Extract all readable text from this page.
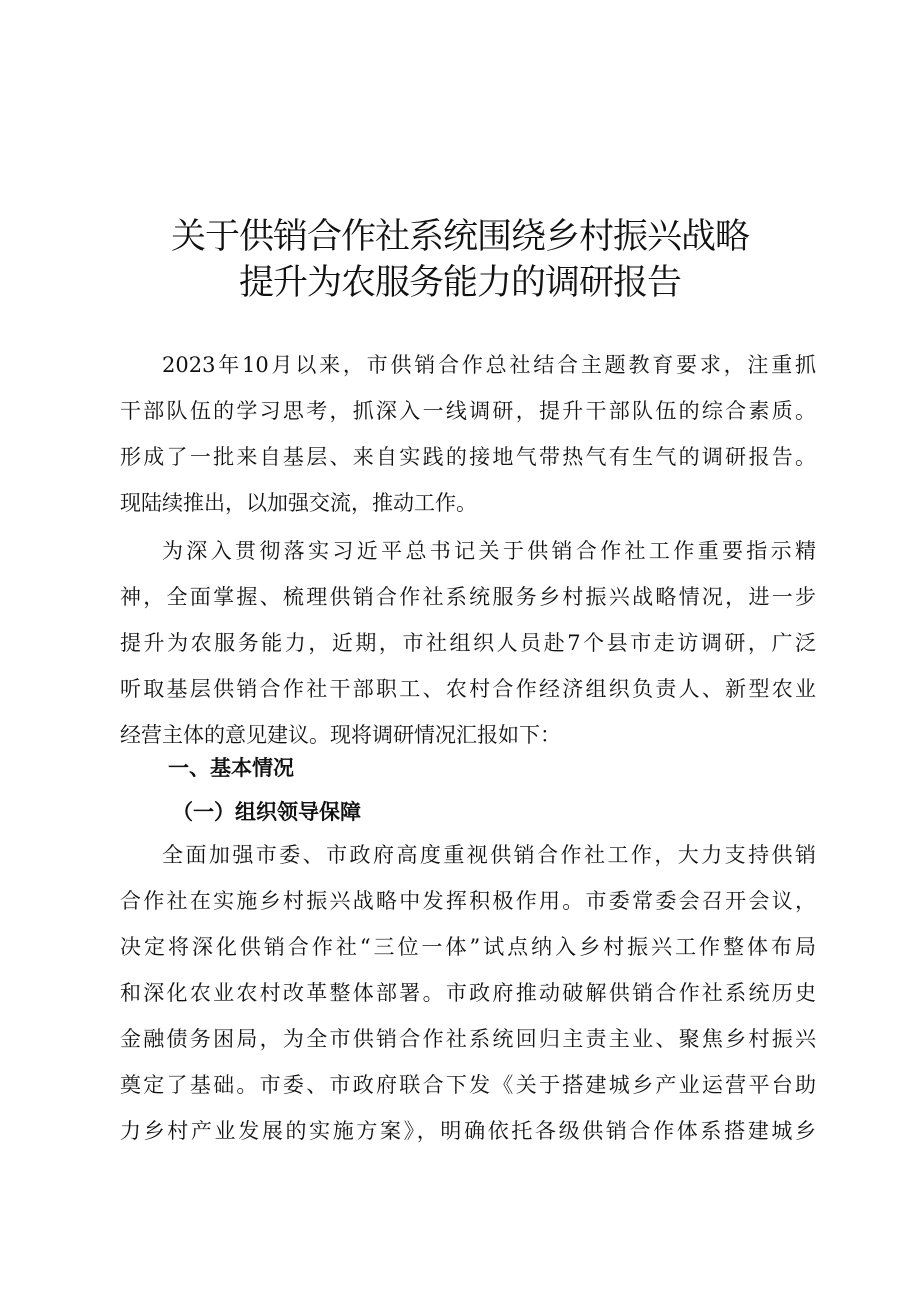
关于供销合作社系统围绕乡村振兴战略
提升为农服务能力的调研报告
2023年10月以来，市供销合作总社结合主题教育要求，注重抓
干部队伍的学习思考，抓深入一线调研，提升干部队伍的综合素质。
形成了一批来自基层、来自实践的接地气带热气有生气的调研报告。
现陆续推出，以加强交流，推动工作。
为深入贯彻落实习近平总书记关于供销合作社工作重要指示精
神，全面掌握、梳理供销合作社系统服务乡村振兴战略情况，进一步
提升为农服务能力，近期，市社组织人员赴7个县市走访调研，广泛
听取基层供销合作社干部职工、农村合作经济组织负责人、新型农业
经营主体的意见建议。现将调研情况汇报如下：
一、基本情况
（一）组织领导保障
全面加强市委、市政府高度重视供销合作社工作，大力支持供销
合作社在实施乡村振兴战略中发挥积极作用。市委常委会召开会议，
决定将深化供销合作社“三位一体”试点纳入乡村振兴工作整体布局
和深化农业农村改革整体部署。市政府推动破解供销合作社系统历史
金融债务困局，为全市供销合作社系统回归主责主业、聚焦乡村振兴
奠定了基础。市委、市政府联合下发《关于搭建城乡产业运营平台助
力乡村产业发展的实施方案》，明确依托各级供销合作体系搭建城乡
